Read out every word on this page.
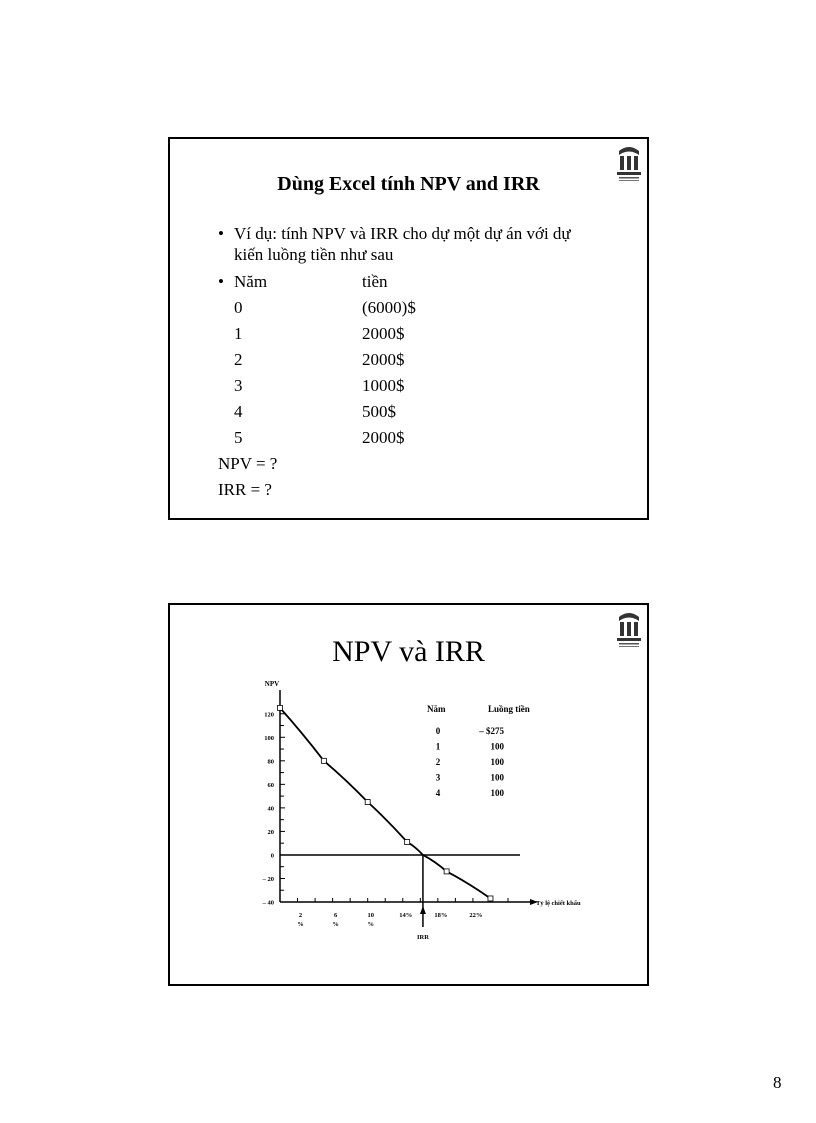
Dùng Excel tính NPV and IRR
• Ví dụ: tính NPV và IRR cho dự một dự án với dự
kiến luồng tiền như sau
• Năm	tiền
0	(6000)$
1	2000$
2	2000$
3	1000$
4	500$
5	2000$
NPV = ?
IRR = ?
NPV và IRR
NPV
120
100
80
60
40
20
0
– 20
– 40	Tỷ lệ chiết khấu
2
%
6
%
10
%
14%	18%	22%
IRR
Năm	Luồng tiền
0	– $275
1	100
2	100
3	100
4	100
8
